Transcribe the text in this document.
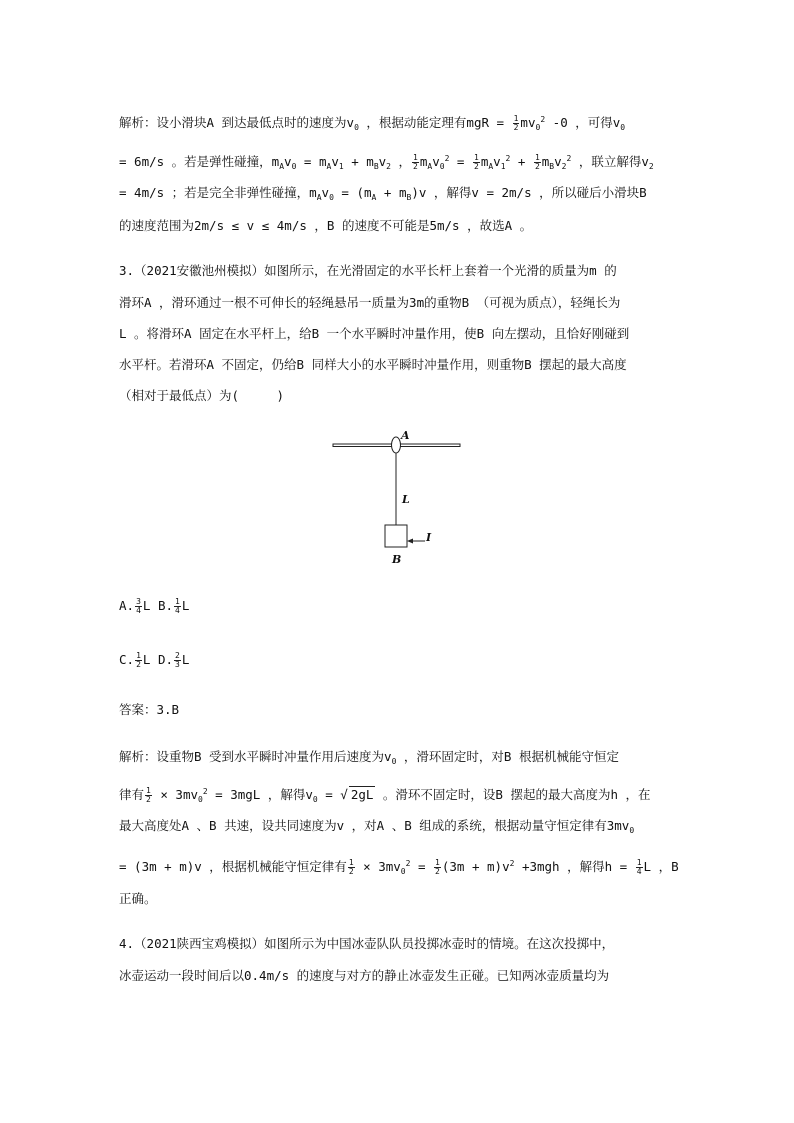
解析：设小滑块A 到达最低点时的速度为$v_0$ ，根据动能定理有mgR = $\frac{1}{2} mv_0^2$ -0 ，可得$v_0$
= 6m/s 。若是弹性碰撞，$m_Av_0 = m_Av_1 + m_Bv_2$ ， $\frac{1}{2} m_Av_0^2 = \frac{1}{2} m_Av_1^2 + \frac{1}{2} m_Bv_2^2$ ，联立解得$v_2$
= 4m/s ；若是完全非弹性碰撞，$m_Av_0 = (m_A + m_B)v$ ，解得v = 2m/s ，所以碰后小滑块B
的速度范围为2m/s ≤ v ≤ 4m/s ，B 的速度不可能是5m/s ，故选A 。
3.（2021安徽池州模拟）如图所示，在光滑固定的水平长杆上套着一个光滑的质量为m 的
滑环A ，滑环通过一根不可伸长的轻绳悬吊一质量为3m的重物B （可视为质点），轻绳长为
L 。将滑环A 固定在水平杆上，给B 一个水平瞬时冲量作用，使B 向左摆动，且恰好刚碰到
水平杆。若滑环A 不固定，仍给B 同样大小的水平瞬时冲量作用，则重物B 摆起的最大高度
（相对于最低点）为(　　　)
A
L
B
I
A. $\frac{3}{4}$ L B. $\frac{1}{4}$ L
C. $\frac{1}{2}$ L D. $\frac{2}{3}$ L
答案：3.B
解析：设重物B 受到水平瞬时冲量作用后速度为$v_0$ ，滑环固定时，对B 根据机械能守恒定
律有 $\frac{1}{2} \times 3mv_0^2 = 3mgL$ ，解得$v_0$ = √ 2gL 。滑环不固定时，设B 摆起的最大高度为h ，在
最大高度处A 、B 共速，设共同速度为v ，对A 、B 组成的系统，根据动量守恒定律有$3mv_0$
= (3m + m)v ，根据机械能守恒定律有 $\frac{1}{2} \times 3mv_0^2 = \frac{1}{2} (3m + m)v^2 +3mgh$ ，解得$h = \frac{1}{4}$ L ，B
正确。
4.（2021陕西宝鸡模拟）如图所示为中国冰壶队队员投掷冰壶时的情境。在这次投掷中，
冰壶运动一段时间后以0.4m/s 的速度与对方的静止冰壶发生正碰。已知两冰壶质量均为
